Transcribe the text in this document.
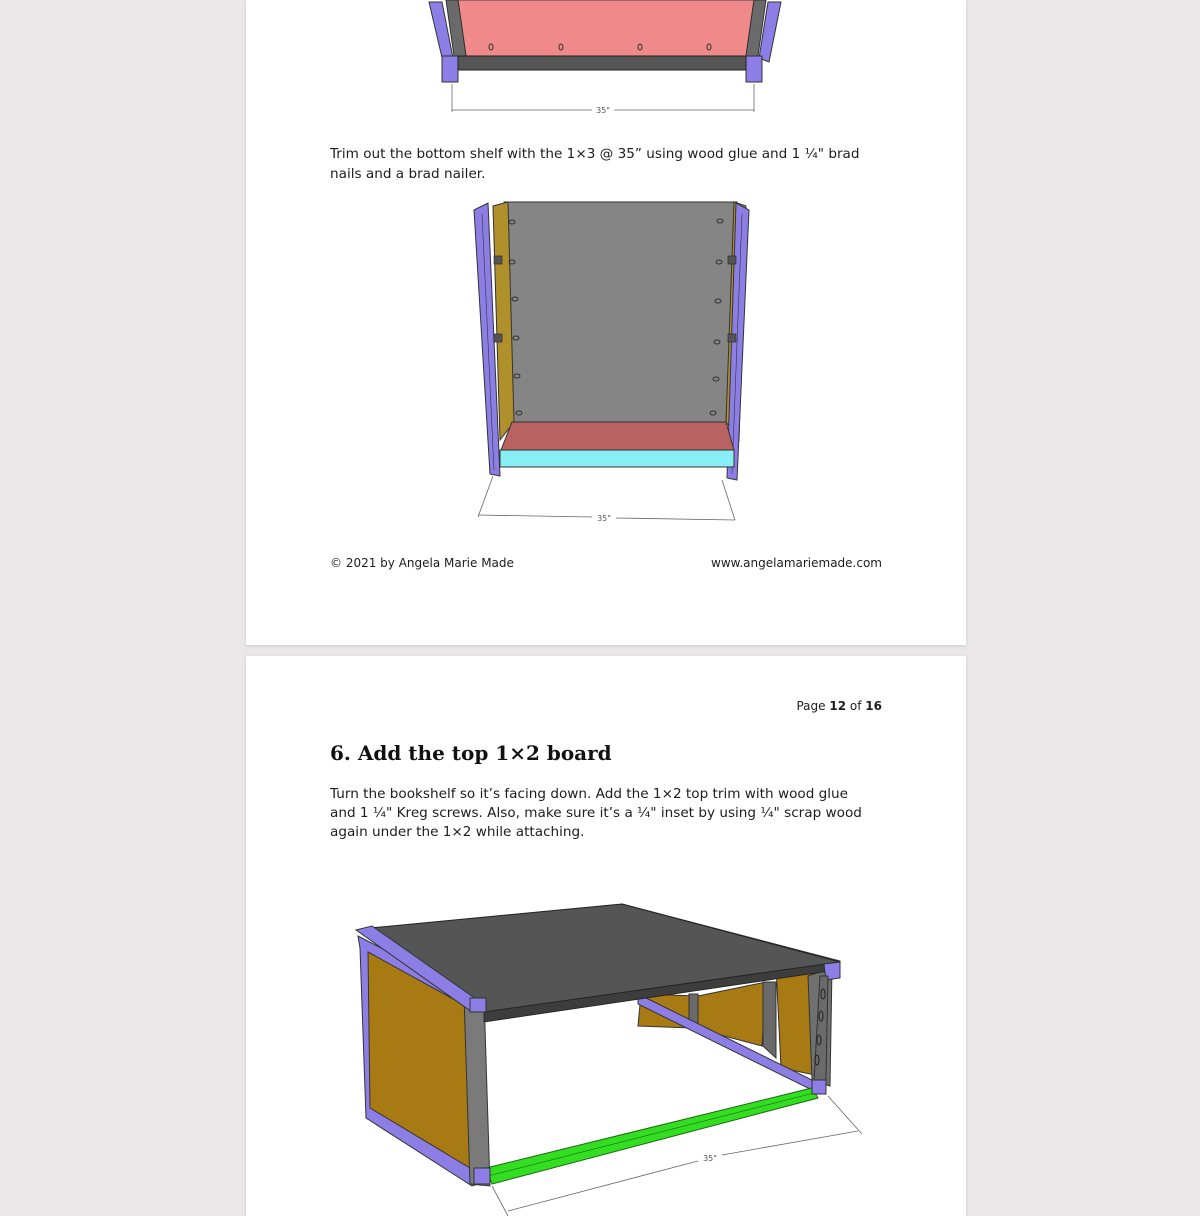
35"

Trim out the bottom shelf with the 1×3 @ 35” using wood glue and 1 ¼" brad nails and a brad nailer.

35"
© 2021 by Angela Marie Made	www.angelamariemade.com
Page 12 of 16
6. Add the top 1×2 board

Turn the bookshelf so it’s facing down. Add the 1×2 top trim with wood glue and 1 ¼" Kreg screws. Also, make sure it’s a ¼" inset by using ¼" scrap wood again under the 1×2 while attaching.

35"
